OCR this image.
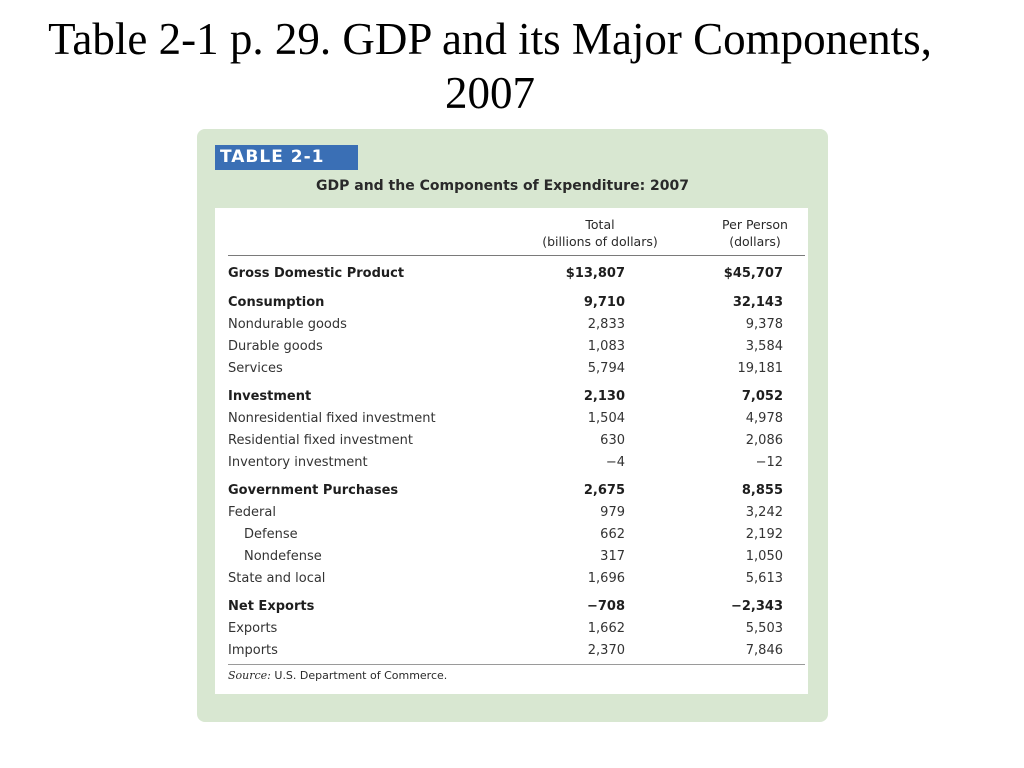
Table 2-1 p. 29. GDP and its Major Components,
2007
TABLE 2-1
GDP and the Components of Expenditure: 2007
Total
(billions of dollars)
Per Person
(dollars)
Gross Domestic Product	$13,807	$45,707
Consumption	9,710	32,143
Nondurable goods	2,833	9,378
Durable goods	1,083	3,584
Services	5,794	19,181
Investment	2,130	7,052
Nonresidential fixed investment	1,504	4,978
Residential fixed investment	630	2,086
Inventory investment	−4	−12
Government Purchases	2,675	8,855
Federal	979	3,242
Defense	662	2,192
Nondefense	317	1,050
State and local	1,696	5,613
Net Exports	−708	−2,343
Exports	1,662	5,503
Imports	2,370	7,846
Source: U.S. Department of Commerce.
